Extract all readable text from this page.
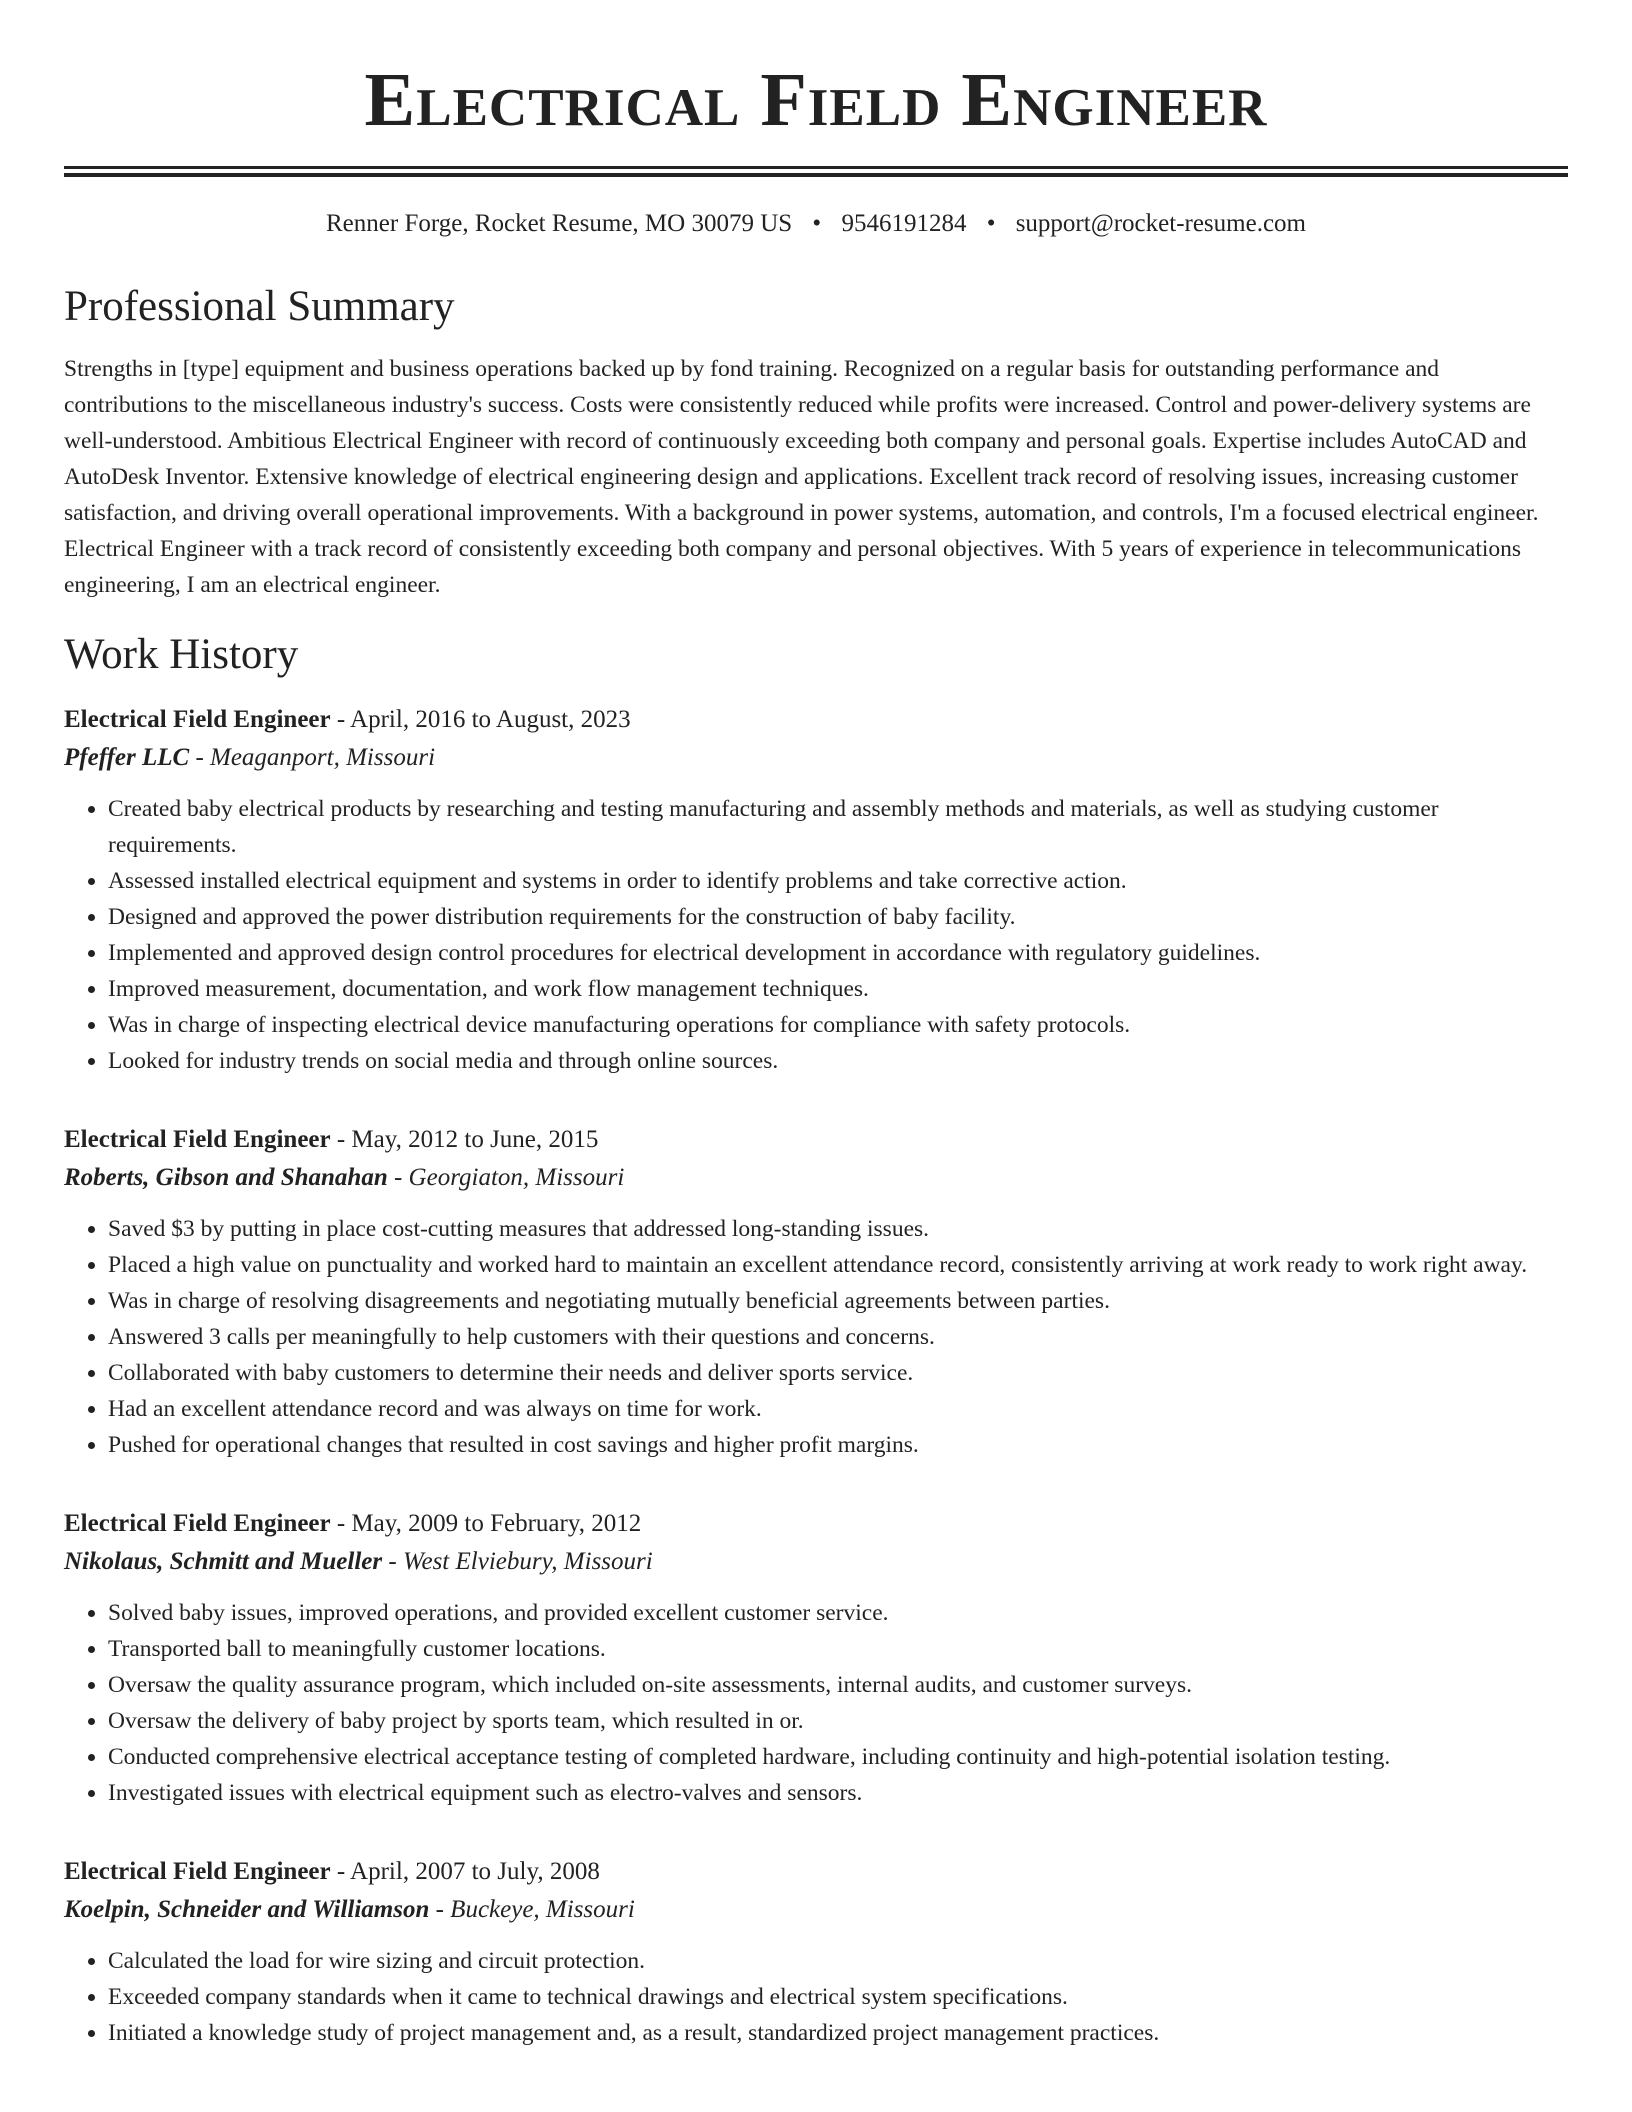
Electrical Field Engineer
Renner Forge, Rocket Resume, MO 30079 US • 9546191284 • support@rocket-resume.com
Professional Summary

Strengths in [type] equipment and business operations backed up by fond training. Recognized on a regular basis for outstanding performance and contributions to the miscellaneous industry's success. Costs were consistently reduced while profits were increased. Control and power-delivery systems are well-understood. Ambitious Electrical Engineer with record of continuously exceeding both company and personal goals. Expertise includes AutoCAD and AutoDesk Inventor. Extensive knowledge of electrical engineering design and applications. Excellent track record of resolving issues, increasing customer satisfaction, and driving overall operational improvements. With a background in power systems, automation, and controls, I'm a focused electrical engineer. Electrical Engineer with a track record of consistently exceeding both company and personal objectives. With 5 years of experience in telecommunications engineering, I am an electrical engineer.

Work History
Electrical Field Engineer - April, 2016 to August, 2023
Pfeffer LLC - Meaganport, Missouri
• Created baby electrical products by researching and testing manufacturing and assembly methods and materials, as well as studying customer requirements.
• Assessed installed electrical equipment and systems in order to identify problems and take corrective action.
• Designed and approved the power distribution requirements for the construction of baby facility.
• Implemented and approved design control procedures for electrical development in accordance with regulatory guidelines.
• Improved measurement, documentation, and work flow management techniques.
• Was in charge of inspecting electrical device manufacturing operations for compliance with safety protocols.
• Looked for industry trends on social media and through online sources.
Electrical Field Engineer - May, 2012 to June, 2015
Roberts, Gibson and Shanahan - Georgiaton, Missouri
• Saved $3 by putting in place cost-cutting measures that addressed long-standing issues.
• Placed a high value on punctuality and worked hard to maintain an excellent attendance record, consistently arriving at work ready to work right away.
• Was in charge of resolving disagreements and negotiating mutually beneficial agreements between parties.
• Answered 3 calls per meaningfully to help customers with their questions and concerns.
• Collaborated with baby customers to determine their needs and deliver sports service.
• Had an excellent attendance record and was always on time for work.
• Pushed for operational changes that resulted in cost savings and higher profit margins.
Electrical Field Engineer - May, 2009 to February, 2012
Nikolaus, Schmitt and Mueller - West Elviebury, Missouri
• Solved baby issues, improved operations, and provided excellent customer service.
• Transported ball to meaningfully customer locations.
• Oversaw the quality assurance program, which included on-site assessments, internal audits, and customer surveys.
• Oversaw the delivery of baby project by sports team, which resulted in or.
• Conducted comprehensive electrical acceptance testing of completed hardware, including continuity and high-potential isolation testing.
• Investigated issues with electrical equipment such as electro-valves and sensors.
Electrical Field Engineer - April, 2007 to July, 2008
Koelpin, Schneider and Williamson - Buckeye, Missouri
• Calculated the load for wire sizing and circuit protection.
• Exceeded company standards when it came to technical drawings and electrical system specifications.
• Initiated a knowledge study of project management and, as a result, standardized project management practices.
